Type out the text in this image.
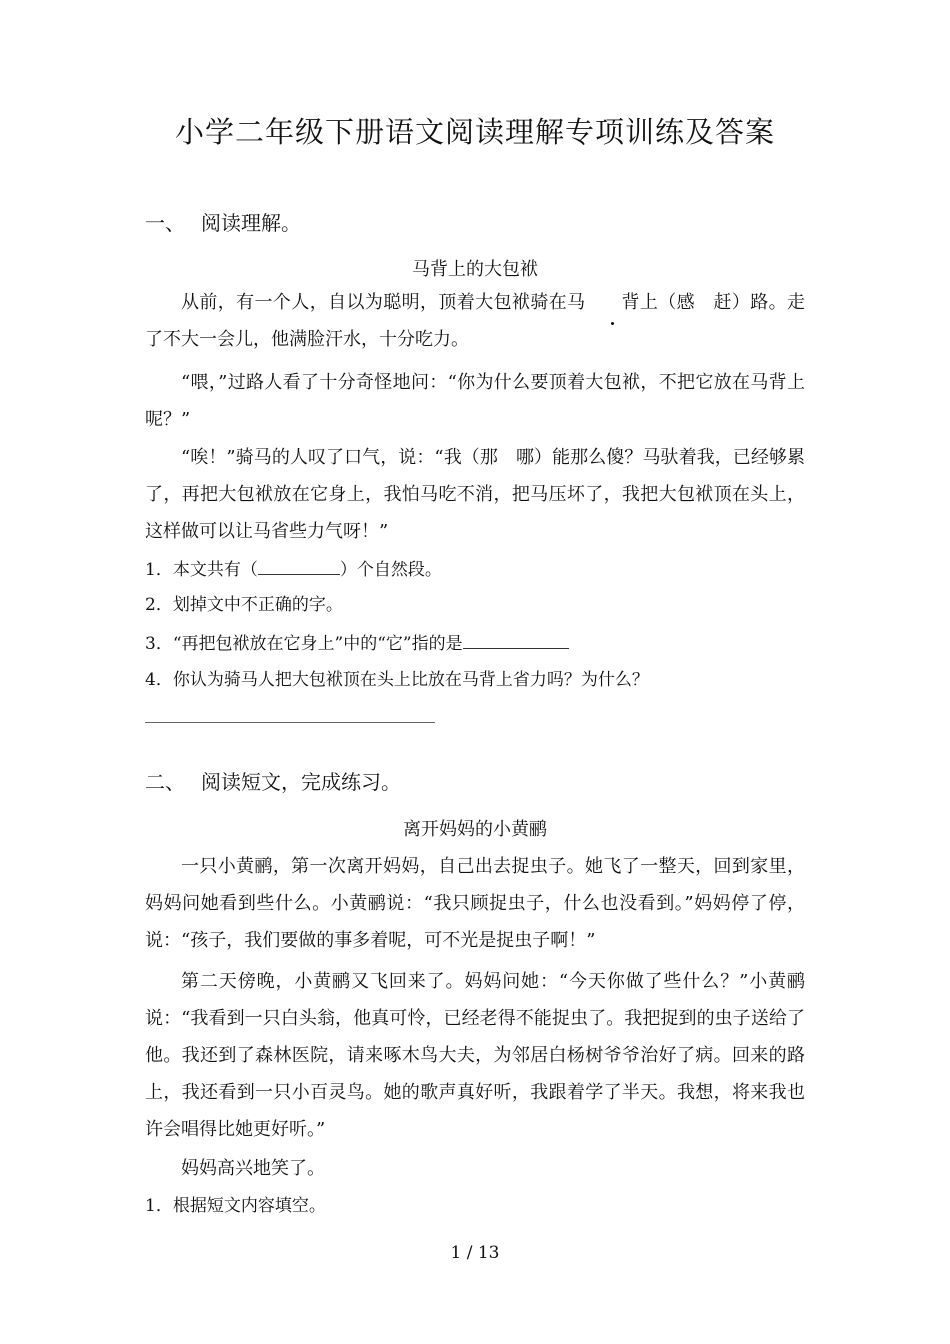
小学二年级下册语文阅读理解专项训练及答案
一、 阅读理解。
马背上的大包袱
从前，有一个人，自以为聪明，顶着大包袱骑在马 背上（感　赶）路。走了不大一会儿，他满脸汗水，十分吃力。
“喂，”过路人看了十分奇怪地问：“你为什么要顶着大包袱，不把它放在马背上呢？”
“唉！”骑马的人叹了口气，说：“我（那　哪）能那么傻？马驮着我，已经够累了，再把大包袱放在它身上，我怕马吃不消，把马压坏了，我把大包袱顶在头上，这样做可以让马省些力气呀！”
1．本文共有（	）个自然段。
2．划掉文中不正确的字。
3．“再把包袱放在它身上”中的“它”指的是
4．你认为骑马人把大包袱顶在头上比放在马背上省力吗？为什么？
二、 阅读短文，完成练习。
离开妈妈的小黄鹂
一只小黄鹂，第一次离开妈妈，自己出去捉虫子。她飞了一整天，回到家里，妈妈问她看到些什么。小黄鹂说：“我只顾捉虫子，什么也没看到。”妈妈停了停，说：“孩子，我们要做的事多着呢，可不光是捉虫子啊！”
第二天傍晚，小黄鹂又飞回来了。妈妈问她：“今天你做了些什么？”小黄鹂说：“我看到一只白头翁，他真可怜，已经老得不能捉虫了。我把捉到的虫子送给了他。我还到了森林医院，请来啄木鸟大夫，为邻居白杨树爷爷治好了病。回来的路上，我还看到一只小百灵鸟。她的歌声真好听，我跟着学了半天。我想，将来我也许会唱得比她更好听。”
妈妈高兴地笑了。
1．根据短文内容填空。
1 / 13
